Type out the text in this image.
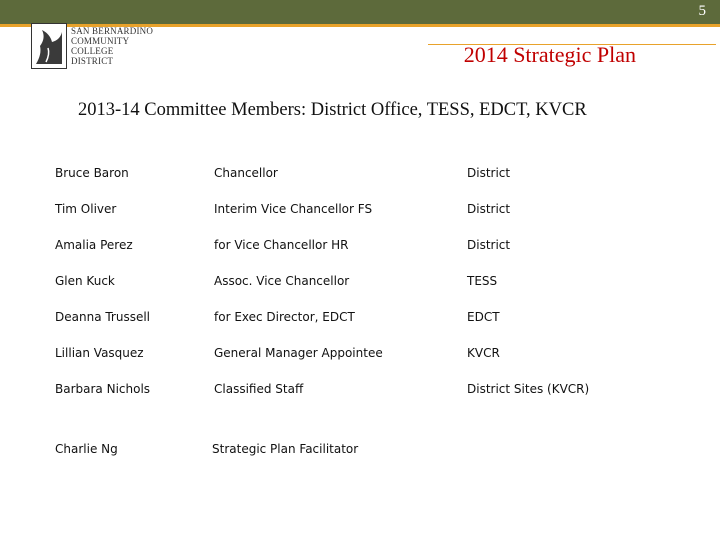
5
SAN BERNARDINO
COMMUNITY
COLLEGE
DISTRICT	2014 Strategic Plan
2013-14 Committee Members: District Office, TESS, EDCT, KVCR
Bruce Baron	Chancellor	District
Tim Oliver	Interim Vice Chancellor FS	District
Amalia Perez	for Vice Chancellor HR	District
Glen Kuck	Assoc. Vice Chancellor	TESS
Deanna Trussell	for Exec Director, EDCT	EDCT
Lillian Vasquez	General Manager Appointee	KVCR
Barbara Nichols	Classified Staff	District Sites (KVCR)
Charlie Ng	Strategic Plan Facilitator
